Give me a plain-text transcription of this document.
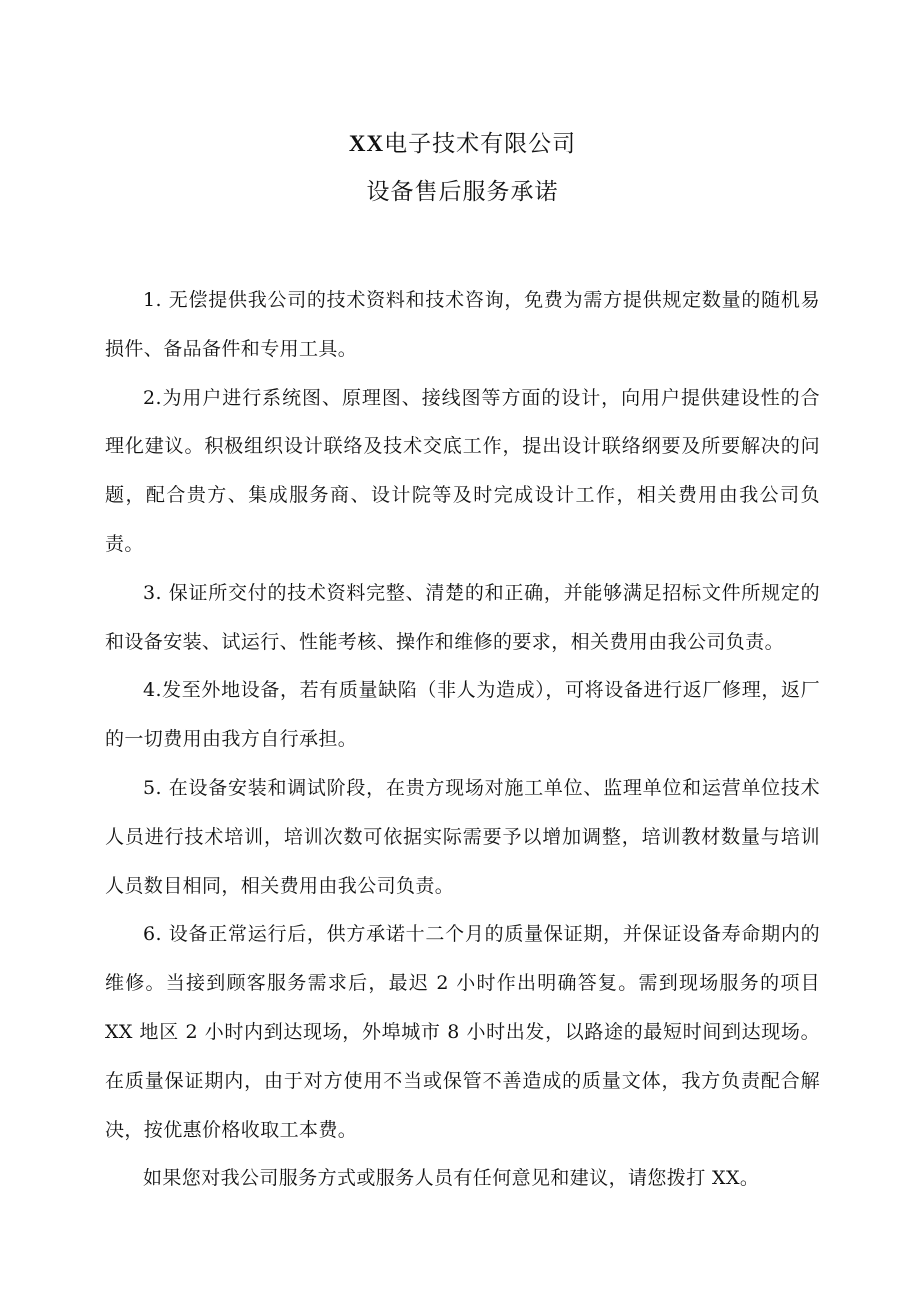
XX电子技术有限公司
设备售后服务承诺

1. 无偿提供我公司的技术资料和技术咨询，免费为需方提供规定数量的随机易损件、备品备件和专用工具。

2.为用户进行系统图、原理图、接线图等方面的设计，向用户提供建设性的合理化建议。积极组织设计联络及技术交底工作，提出设计联络纲要及所要解决的问题，配合贵方、集成服务商、设计院等及时完成设计工作，相关费用由我公司负责。

3. 保证所交付的技术资料完整、清楚的和正确，并能够满足招标文件所规定的和设备安装、试运行、性能考核、操作和维修的要求，相关费用由我公司负责。

4.发至外地设备，若有质量缺陷（非人为造成），可将设备进行返厂修理，返厂的一切费用由我方自行承担。

5. 在设备安装和调试阶段，在贵方现场对施工单位、监理单位和运营单位技术人员进行技术培训，培训次数可依据实际需要予以增加调整，培训教材数量与培训人员数目相同，相关费用由我公司负责。

6. 设备正常运行后，供方承诺十二个月的质量保证期，并保证设备寿命期内的维修。当接到顾客服务需求后，最迟 2 小时作出明确答复。需到现场服务的项目 XX 地区 2 小时内到达现场，外埠城市 8 小时出发，以路途的最短时间到达现场。在质量保证期内，由于对方使用不当或保管不善造成的质量文体，我方负责配合解决，按优惠价格收取工本费。

如果您对我公司服务方式或服务人员有任何意见和建议，请您拨打 XX。
